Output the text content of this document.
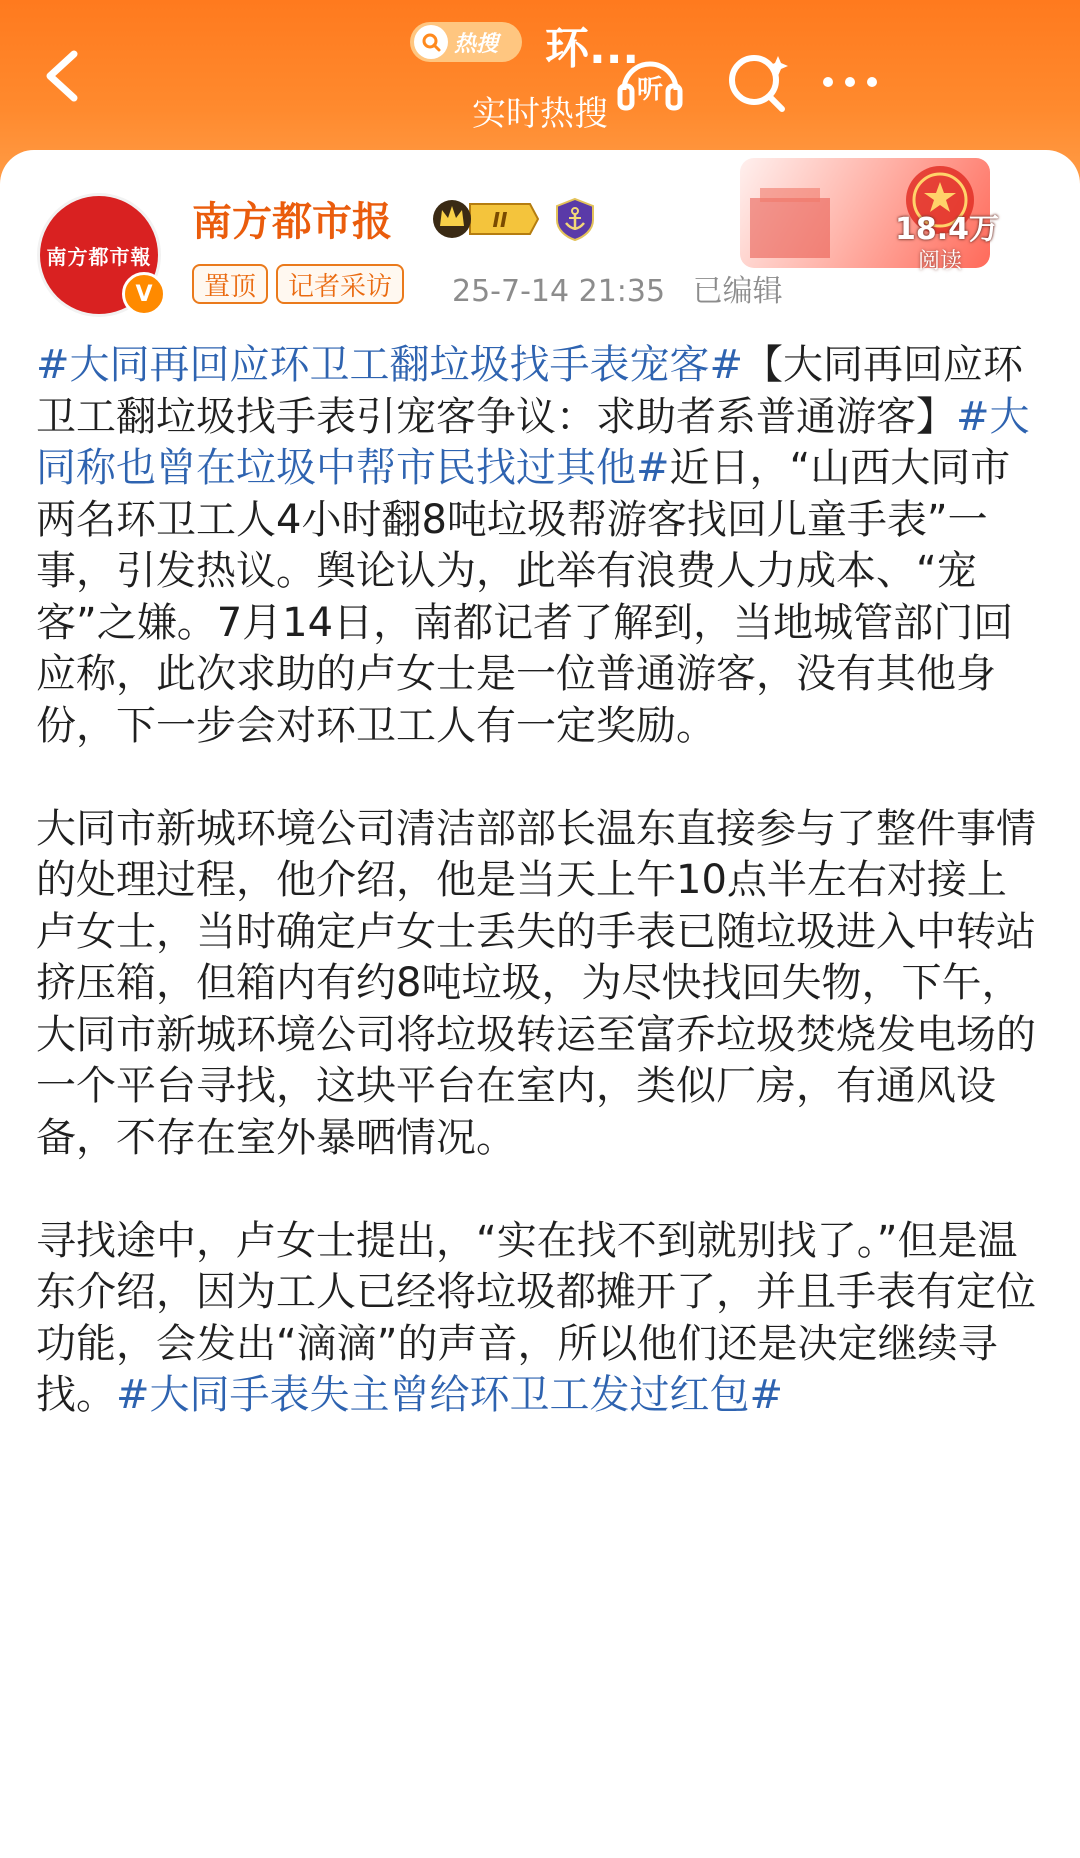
热搜 环...
实时热搜
听
南方都市報
V
南方都市报	II
置顶	记者采访	25-7-14 21:35 已编辑
18.4万
阅读

#大同再回应环卫工翻垃圾找手表宠客#【大同再回应环卫工翻垃圾找手表引宠客争议：求助者系普通游客】#大同称也曾在垃圾中帮市民找过其他#近日，“山西大同市两名环卫工人4小时翻8吨垃圾帮游客找回儿童手表”一事，引发热议。舆论认为，此举有浪费人力成本、“宠客”之嫌。7月14日，南都记者了解到，当地城管部门回应称，此次求助的卢女士是一位普通游客，没有其他身份，下一步会对环卫工人有一定奖励。

大同市新城环境公司清洁部部长温东直接参与了整件事情的处理过程，他介绍，他是当天上午10点半左右对接上卢女士，当时确定卢女士丢失的手表已随垃圾进入中转站挤压箱，但箱内有约8吨垃圾，为尽快找回失物，下午，大同市新城环境公司将垃圾转运至富乔垃圾焚烧发电场的一个平台寻找，这块平台在室内，类似厂房，有通风设备，不存在室外暴晒情况。

寻找途中，卢女士提出，“实在找不到就别找了。”但是温东介绍，因为工人已经将垃圾都摊开了，并且手表有定位功能，会发出“滴滴”的声音，所以他们还是决定继续寻找。#大同手表失主曾给环卫工发过红包#
